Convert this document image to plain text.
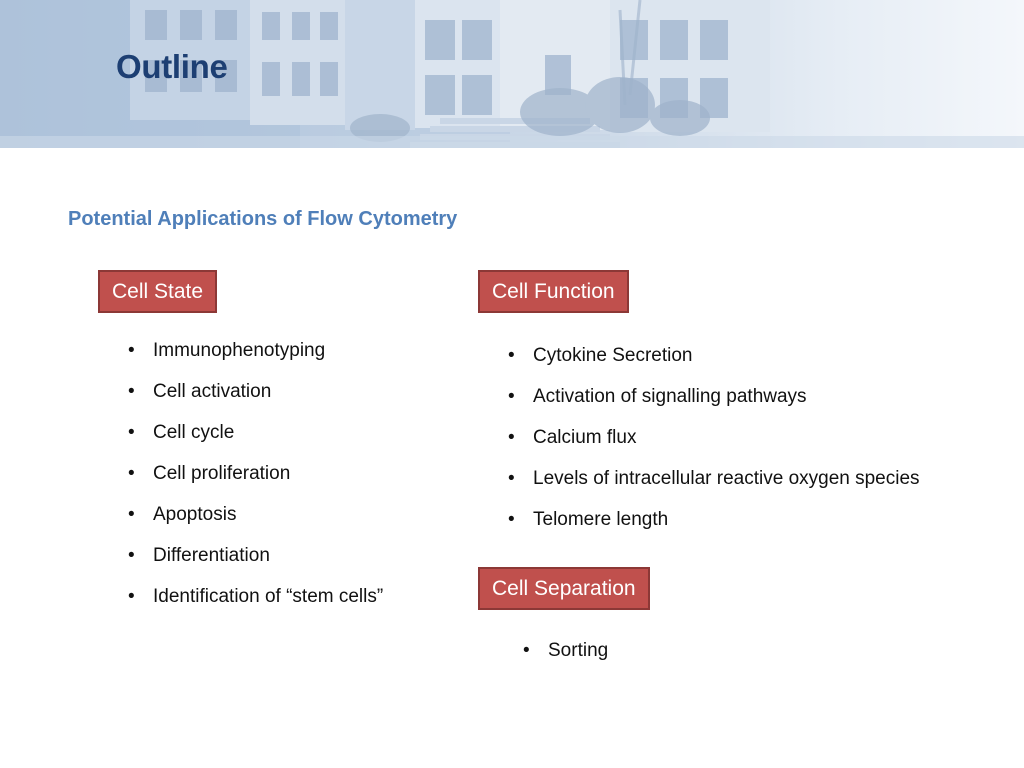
Outline
Potential Applications of Flow Cytometry
Cell State
• Immunophenotyping
• Cell activation
• Cell cycle
• Cell proliferation
• Apoptosis
• Differentiation
• Identification of “stem cells”
Cell Function
• Cytokine Secretion
• Activation of signalling pathways
• Calcium flux
• Levels of intracellular reactive oxygen species
• Telomere length
Cell Separation
• Sorting
